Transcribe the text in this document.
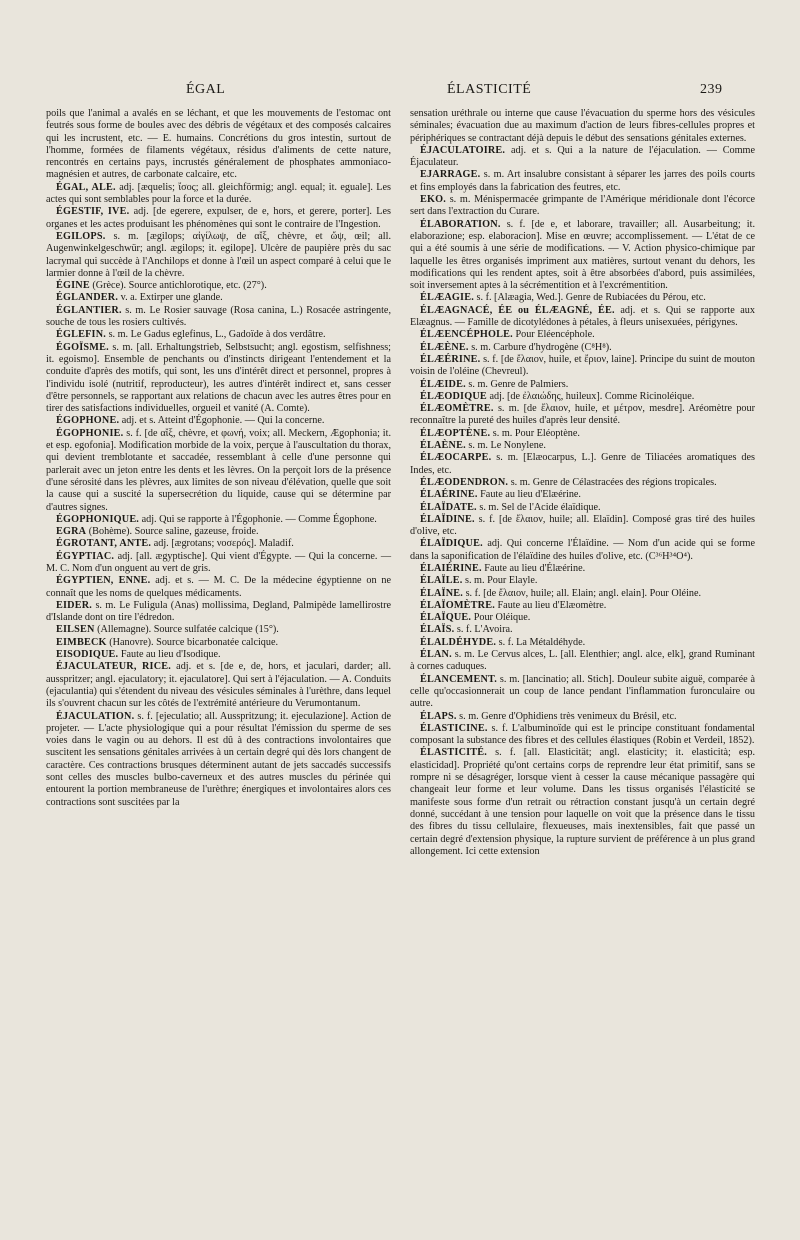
ÉGAL	ÉLASTICITÉ	239

poils que l'animal a avalés en se léchant, et que les mouvements de l'estomac ont feutrés sous forme de boules avec des débris de végétaux et des composés calcaires qui les incrustent, etc. — E. humains. Concrétions du gros intestin, surtout de l'homme, formées de filaments végétaux, résidus d'aliments de cette nature, rencontrés en certains pays, incrustés généralement de phosphates ammoniaco-magnésien et autres, de carbonate calcaire, etc.

ÉGAL, ALE. adj. [æquelis; ἴσος; all. gleichförmig; angl. equal; it. eguale]. Les actes qui sont semblables pour la force et la durée.

ÉGESTIF, IVE. adj. [de egerere, expulser, de e, hors, et gerere, porter]. Les organes et les actes produisant les phénomènes qui sont le contraire de l'Ingestion.

EGILOPS. s. m. [ægilops; αἰγίλωψ, de αἴξ, chèvre, et ὤψ, œil; all. Augenwinkelgeschwür; angl. ægilops; it. egilope]. Ulcère de paupière près du sac lacrymal qui succède à l'Anchilops et donne à l'œil un aspect comparé à celui que le larmier donne à l'œil de la chèvre.

ÉGINE (Grèce). Source antichlorotique, etc. (27°).

ÉGLANDER. v. a. Extirper une glande.

ÉGLANTIER. s. m. Le Rosier sauvage (Rosa canina, L.) Rosacée astringente, souche de tous les rosiers cultivés.

ÉGLEFIN. s. m. Le Gadus eglefinus, L., Gadoïde à dos verdâtre.

ÉGOÏSME. s. m. [all. Erhaltungstrieb, Selbstsucht; angl. egostism, selfishness; it. egoismo]. Ensemble de penchants ou d'instincts dirigeant l'entendement et la conduite d'après des motifs, qui sont, les uns d'intérêt direct et personnel, propres à l'individu isolé (nutritif, reproducteur), les autres d'intérêt indirect et, sans cesser d'être personnels, se rapportant aux relations de chacun avec les autres êtres pour en tirer des satisfactions individuelles, orgueil et vanité (A. Comte).

ÉGOPHONE. adj. et s. Atteint d'Égophonie. — Qui la concerne.

ÉGOPHONIE. s. f. [de αἴξ, chèvre, et φωνή, voix; all. Meckern, Ægophonia; it. et esp. egofonia]. Modification morbide de la voix, perçue à l'auscultation du thorax, qui devient tremblotante et saccadée, ressemblant à celle d'une personne qui parlerait avec un jeton entre les dents et les lèvres. On la perçoit lors de la présence d'une sérosité dans les plèvres, aux limites de son niveau d'élévation, quelle que soit la cause qui a suscité la supersecrétion du liquide, cause qui se détermine par d'autres signes.

ÉGOPHONIQUE. adj. Qui se rapporte à l'Égophonie. — Comme Égophone.

EGRA (Bohème). Source saline, gazeuse, froide.

ÉGROTANT, ANTE. adj. [ægrotans; νοσερός]. Maladif.

ÉGYPTIAC. adj. [all. ægyptische]. Qui vient d'Égypte. — Qui la concerne. — M. C. Nom d'un onguent au vert de gris.

ÉGYPTIEN, ENNE. adj. et s. — M. C. De la médecine égyptienne on ne connaît que les noms de quelques médicaments.

EIDER. s. m. Le Fuligula (Anas) mollissima, Degland, Palmipède lamellirostre d'Islande dont on tire l'édredon.

EILSEN (Allemagne). Source sulfatée calcique (15°).

EIMBECK (Hanovre). Source bicarbonatée calcique.

EISODIQUE. Faute au lieu d'Isodique.

ÉJACULATEUR, RICE. adj. et s. [de e, de, hors, et jaculari, darder; all. ausspritzer; angl. ejaculatory; it. ejaculatore]. Qui sert à l'éjaculation. — A. Conduits (ejaculantia) qui s'étendent du niveau des vésicules séminales à l'urèthre, dans lequel ils s'ouvrent chacun sur les côtés de l'extrémité antérieure du Verumontanum.

ÉJACULATION. s. f. [ejeculatio; all. Ausspritzung; it. ejeculazione]. Action de projeter. — L'acte physiologique qui a pour résultat l'émission du sperme de ses voies dans le vagin ou au dehors. Il est dû à des contractions involontaires que suscitent les sensations génitales arrivées à un certain degré qui dès lors changent de caractère. Ces contractions brusques déterminent autant de jets saccadés successifs sont celles des muscles bulbo-caverneux et des autres muscles du périnée qui entourent la portion membraneuse de l'urèthre; énergiques et involontaires alors ces contractions sont suscitées par la

sensation uréthrale ou interne que cause l'évacuation du sperme hors des vésicules séminales; évacuation due au maximum d'action de leurs fibres-cellules propres et périphériques se contractant déjà depuis le début des sensations génitales externes.

ÉJACULATOIRE. adj. et s. Qui a la nature de l'éjaculation. — Comme Éjaculateur.

EJARRAGE. s. m. Art insalubre consistant à séparer les jarres des poils courts et fins employés dans la fabrication des feutres, etc.

EKO. s. m. Ménispermacée grimpante de l'Amérique méridionale dont l'écorce sert dans l'extraction du Curare.

ÉLABORATION. s. f. [de e, et laborare, travailler; all. Ausarbeitung; it. elaborazione; esp. elaboracion]. Mise en œuvre; accomplissement. — L'état de ce qui a été soumis à une série de modifications. — V. Action physico-chimique par laquelle les êtres organisés impriment aux matières, surtout venant du dehors, les modifications qui les rendent aptes, soit à être absorbées d'abord, puis assimilées, soit inversement aptes à la sécrémentition et à l'excrémentition.

ÉLÆAGIE. s. f. [Alæagia, Wed.]. Genre de Rubiacées du Pérou, etc.

ÉLÆAGNACÉ, ÉE ou ÉLÆAGNÉ, ÉE. adj. et s. Qui se rapporte aux Elæagnus. — Famille de dicotylédones à pétales, à fleurs unisexuées, périgynes.

ÉLÆENCÉPHOLE. Pour Eléencéphole.

ÉLÆÈNE. s. m. Carbure d'hydrogène (C⁸H⁸).

ÉLÆÉRINE. s. f. [de ἔλαιον, huile, et ἔριον, laine]. Principe du suint de mouton voisin de l'oléine (Chevreul).

ÉLÆIDE. s. m. Genre de Palmiers.

ÉLÆODIQUE adj. [de ἐλαιώδης, huileux]. Comme Ricinoléique.

ÉLÆOMÈTRE. s. m. [de ἔλαιον, huile, et μέτρον, mesdre]. Aréomètre pour reconnaître la pureté des huiles d'après leur densité.

ÉLÆOPTÈNE. s. m. Pour Eléoptène.

ÉLAÈNE. s. m. Le Nonylene.

ÉLÆOCARPE. s. m. [Elæocarpus, L.]. Genre de Tiliacées aromatiques des Indes, etc.

ÉLÆODENDRON. s. m. Genre de Célastracées des régions tropicales.

ÉLAÉRINE. Faute au lieu d'Elæérine.

ÉLAÏDATE. s. m. Sel de l'Acide élaïdique.

ÉLAÏDINE. s. f. [de ἔλαιον, huile; all. Elaïdin]. Composé gras tiré des huiles d'olive, etc.

ÉLAÏDIQUE. adj. Qui concerne l'Élaïdine. — Nom d'un acide qui se forme dans la saponification de l'élaïdine des huiles d'olive, etc. (C³⁶H³⁴O⁴).

ÉLAIÉRINE. Faute au lieu d'Élæérine.

ÉLAÏLE. s. m. Pour Elayle.

ÉLAÏNE. s. f. [de ἔλαιον, huile; all. Elain; angl. elain]. Pour Oléine.

ÉLAÏOMÈTRE. Faute au lieu d'Elæomètre.

ÉLAÏQUE. Pour Oléique.

ÉLAÏS. s. f. L'Avoira.

ÉLALDÉHYDE. s. f. La Métaldéhyde.

ÉLAN. s. m. Le Cervus alces, L. [all. Elenthier; angl. alce, elk], grand Ruminant à cornes caduques.

ÉLANCEMENT. s. m. [lancinatio; all. Stich]. Douleur subite aiguë, comparée à celle qu'occasionnerait un coup de lance pendant l'inflammation furonculaire ou autre.

ÉLAPS. s. m. Genre d'Ophidiens très venimeux du Brésil, etc.

ÉLASTICINE. s. f. L'albuminoïde qui est le principe constituant fondamental composant la substance des fibres et des cellules élastiques (Robin et Verdeil, 1852).

ÉLASTICITÉ. s. f. [all. Elasticität; angl. elasticity; it. elasticità; esp. elasticidad]. Propriété qu'ont certains corps de reprendre leur état primitif, sans se rompre ni se désagréger, lorsque vient à cesser la cause mécanique passagère qui changeait leur forme et leur volume. Dans les tissus organisés l'élasticité se manifeste sous forme d'un retrait ou rétraction constant jusqu'à un certain degré donné, succédant à une tension pour laquelle on voit que la présence dans le tissu des fibres du tissu cellulaire, flexueuses, mais inextensibles, fait que passé un certain degré d'extension physique, la rupture survient de préférence à un plus grand allongement. Ici cette extension
